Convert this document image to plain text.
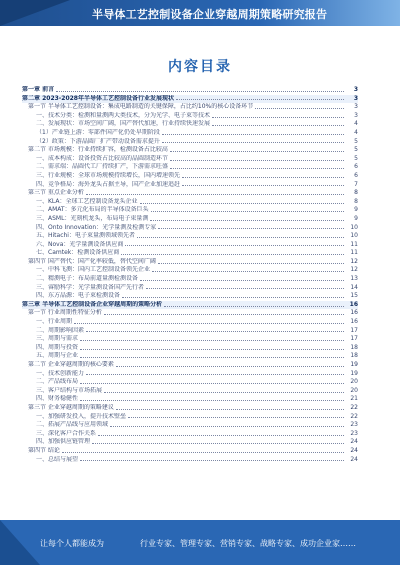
半导体工艺控制设备企业穿越周期策略研究报告
内容目录
第一章 前言	3
第二章 2023-2028年半导体工艺控制设备行业发展现状	3
第一节 半导体工艺控制设备：集成电路制造的关键保障，占比约10%的核心设备环节	3
一、技术分类：检测和量测两大类技术，分为光学、电子束等技术	3
二、发展现状：市场空间广阔，国产替代加速，行业持续快速发展	4
（1）产业链上游：零部件国产化仍处早期阶段	4
（2）政策：下游晶圆厂扩产带动设备需求提升	5
第二节 市场规模：行业持续扩容，检测设备占比较高	5
一、成本构成：设备投资占比较高的晶圆制造环节	5
二、需求端：晶圆代工厂持续扩产，下游需求旺盛	6
三、行业规模：全球市场规模持续增长，国内增速领先	6
四、竞争格局：海外龙头占据主导，国产企业加速追赶	7
第三节 重点企业分析	8
一、KLA：全球工艺控制设备龙头企业	8
二、AMAT：多元化布局的半导体设备巨头	9
三、ASML：光刻机龙头，布局电子束量测	9
四、Onto Innovation：光学量测及检测专家	10
五、Hitachi：电子束量测领域领先者	10
六、Nova：光学量测设备供应商	11
七、Camtek：检测设备供应商	11
第四节 国产替代：国产化率较低，替代空间广阔	12
一、中科飞测：国内工艺控制设备领先企业	12
二、精测电子：布局前道量测检测设备	13
三、睿励科学：光学量测设备国产先行者	14
四、东方晶源：电子束检测设备	15
第三章 半导体工艺控制设备企业穿越周期的策略分析	16
第一节 行业周期性特征分析	16
一、行业周期	16
二、周期影响因素	17
三、周期与需求	17
四、周期与投资	18
五、周期与企业	18
第二节 企业穿越周期的核心要素	19
一、技术创新能力	19
二、产品线布局	20
三、客户结构与市场拓展	20
四、财务稳健性	21
第三节 企业穿越周期的策略建议	22
一、加强研发投入，提升技术壁垒	22
二、拓展产品线与应用领域	23
三、深化客户合作关系	23
四、加强供应链管理	24
第四节 结论	24
一、总结与展望	24
让每个人都能成为	行业专家、管理专家、营销专家、战略专家、成功企业家……
